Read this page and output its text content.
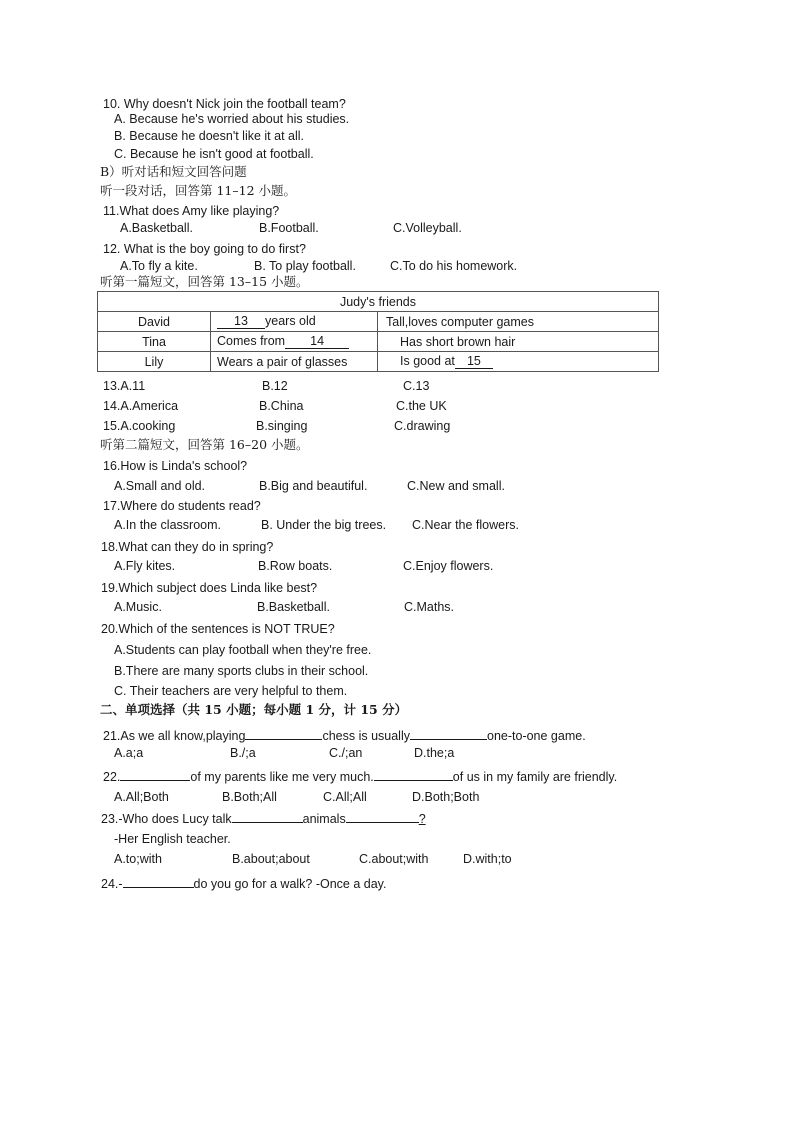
10. Why doesn't Nick join the football team?
A. Because he's worried about his studies.
B. Because he doesn't like it at all.
C. Because he isn't good at football.
B）听对话和短文回答问题
听一段对话，回答第 11–12 小题。
11.What does Amy like playing?
A.Basketball.	B.Football.	C.Volleyball.
12. What is the boy going to do first?
A.To fly a kite.	B. To play football.	C.To do his homework.
听第一篇短文，回答第 13–15 小题。
Judy's friends		
David	13 years old	Tall,loves computer games
Tina	Comes from 14	Has short brown hair
Lily	Wears a pair of glasses	Is good at 15
13.A.11	B.12	C.13
14.A.America	B.China	C.the UK
15.A.cooking	B.singing	C.drawing
听第二篇短文，回答第 16–20 小题。
16.How is Linda's school?
A.Small and old.	B.Big and beautiful.	C.New and small.
17.Where do students read?
A.In the classroom.	B. Under the big trees. C.Near the flowers.
18.What can they do in spring?
A.Fly kites.	B.Row boats.	C.Enjoy flowers.
19.Which subject does Linda like best?
A.Music.	B.Basketball.	C.Maths.
20.Which of the sentences is NOT TRUE?
A.Students can play football when they're free.
B.There are many sports clubs in their school.
C. Their teachers are very helpful to them.
二、单项选择（共 15 小题；每小题 1 分，计 15 分）
21.As we all know,playing	chess is usually	one-to-one game.
A.a;a	B./;a	C./;an	D.the;a
22.	of my parents like me very much.	of us in my family are friendly.
A.All;Both	B.Both;All	C.All;All	D.Both;Both
23.-Who does Lucy talk	animals	?
-Her English teacher.
A.to;with	B.about;about	C.about;with	D.with;to
24.-	do you go for a walk? -Once a day.
